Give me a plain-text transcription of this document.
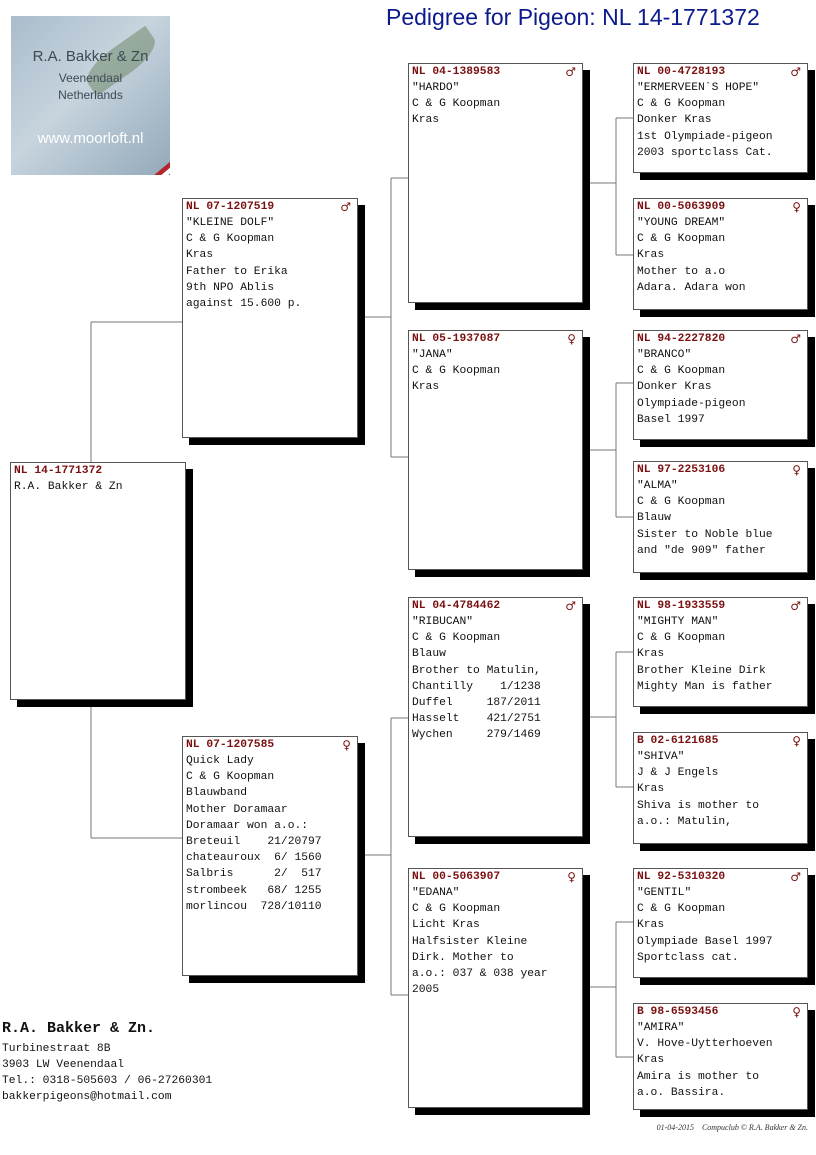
Pedigree for Pigeon: NL 14-1771372
R.A. Bakker & Zn
Veenendaal
Netherlands
www.moorloft.nl
NL 14-1771372
R.A. Bakker & Zn
NL 07-1207519	♂
"KLEINE DOLF"
C & G Koopman
Kras
Father to Erika
9th NPO Ablis
against 15.600 p.
NL 07-1207585	♀
Quick Lady
C & G Koopman
Blauwband
Mother Doramaar
Doramaar won a.o.:
Breteuil    21/20797
chateauroux  6/ 1560
Salbris      2/  517
strombeek   68/ 1255
morlincou  728/10110
NL 04-1389583	♂
"HARDO"
C & G Koopman
Kras
NL 05-1937087	♀
"JANA"
C & G Koopman
Kras
NL 04-4784462	♂
"RIBUCAN"
C & G Koopman
Blauw
Brother to Matulin,
Chantilly    1/1238
Duffel     187/2011
Hasselt    421/2751
Wychen     279/1469
NL 00-5063907	♀
"EDANA"
C & G Koopman
Licht Kras
Halfsister Kleine
Dirk. Mother to
a.o.: 037 & 038 year
2005
NL 00-4728193	♂
"ERMERVEEN`S HOPE"
C & G Koopman
Donker Kras
1st Olympiade-pigeon
2003 sportclass Cat.
NL 00-5063909	♀
"YOUNG DREAM"
C & G Koopman
Kras
Mother to a.o
Adara. Adara won
NL 94-2227820	♂
"BRANCO"
C & G Koopman
Donker Kras
Olympiade-pigeon
Basel 1997
NL 97-2253106	♀
"ALMA"
C & G Koopman
Blauw
Sister to Noble blue
and "de 909" father
NL 98-1933559	♂
"MIGHTY MAN"
C & G Koopman
Kras
Brother Kleine Dirk
Mighty Man is father
B 02-6121685	♀
"SHIVA"
J & J Engels
Kras
Shiva is mother to
a.o.: Matulin,
NL 92-5310320	♂
"GENTIL"
C & G Koopman
Kras
Olympiade Basel 1997
Sportclass cat.
B 98-6593456	♀
"AMIRA"
V. Hove-Uytterhoeven
Kras
Amira is mother to
a.o. Bassira.
R.A. Bakker & Zn.
Turbinestraat 8B
3903 LW Veenendaal
Tel.: 0318-505603 / 06-27260301
bakkerpigeons@hotmail.com
01-04-2015    Compuclub © R.A. Bakker & Zn.
